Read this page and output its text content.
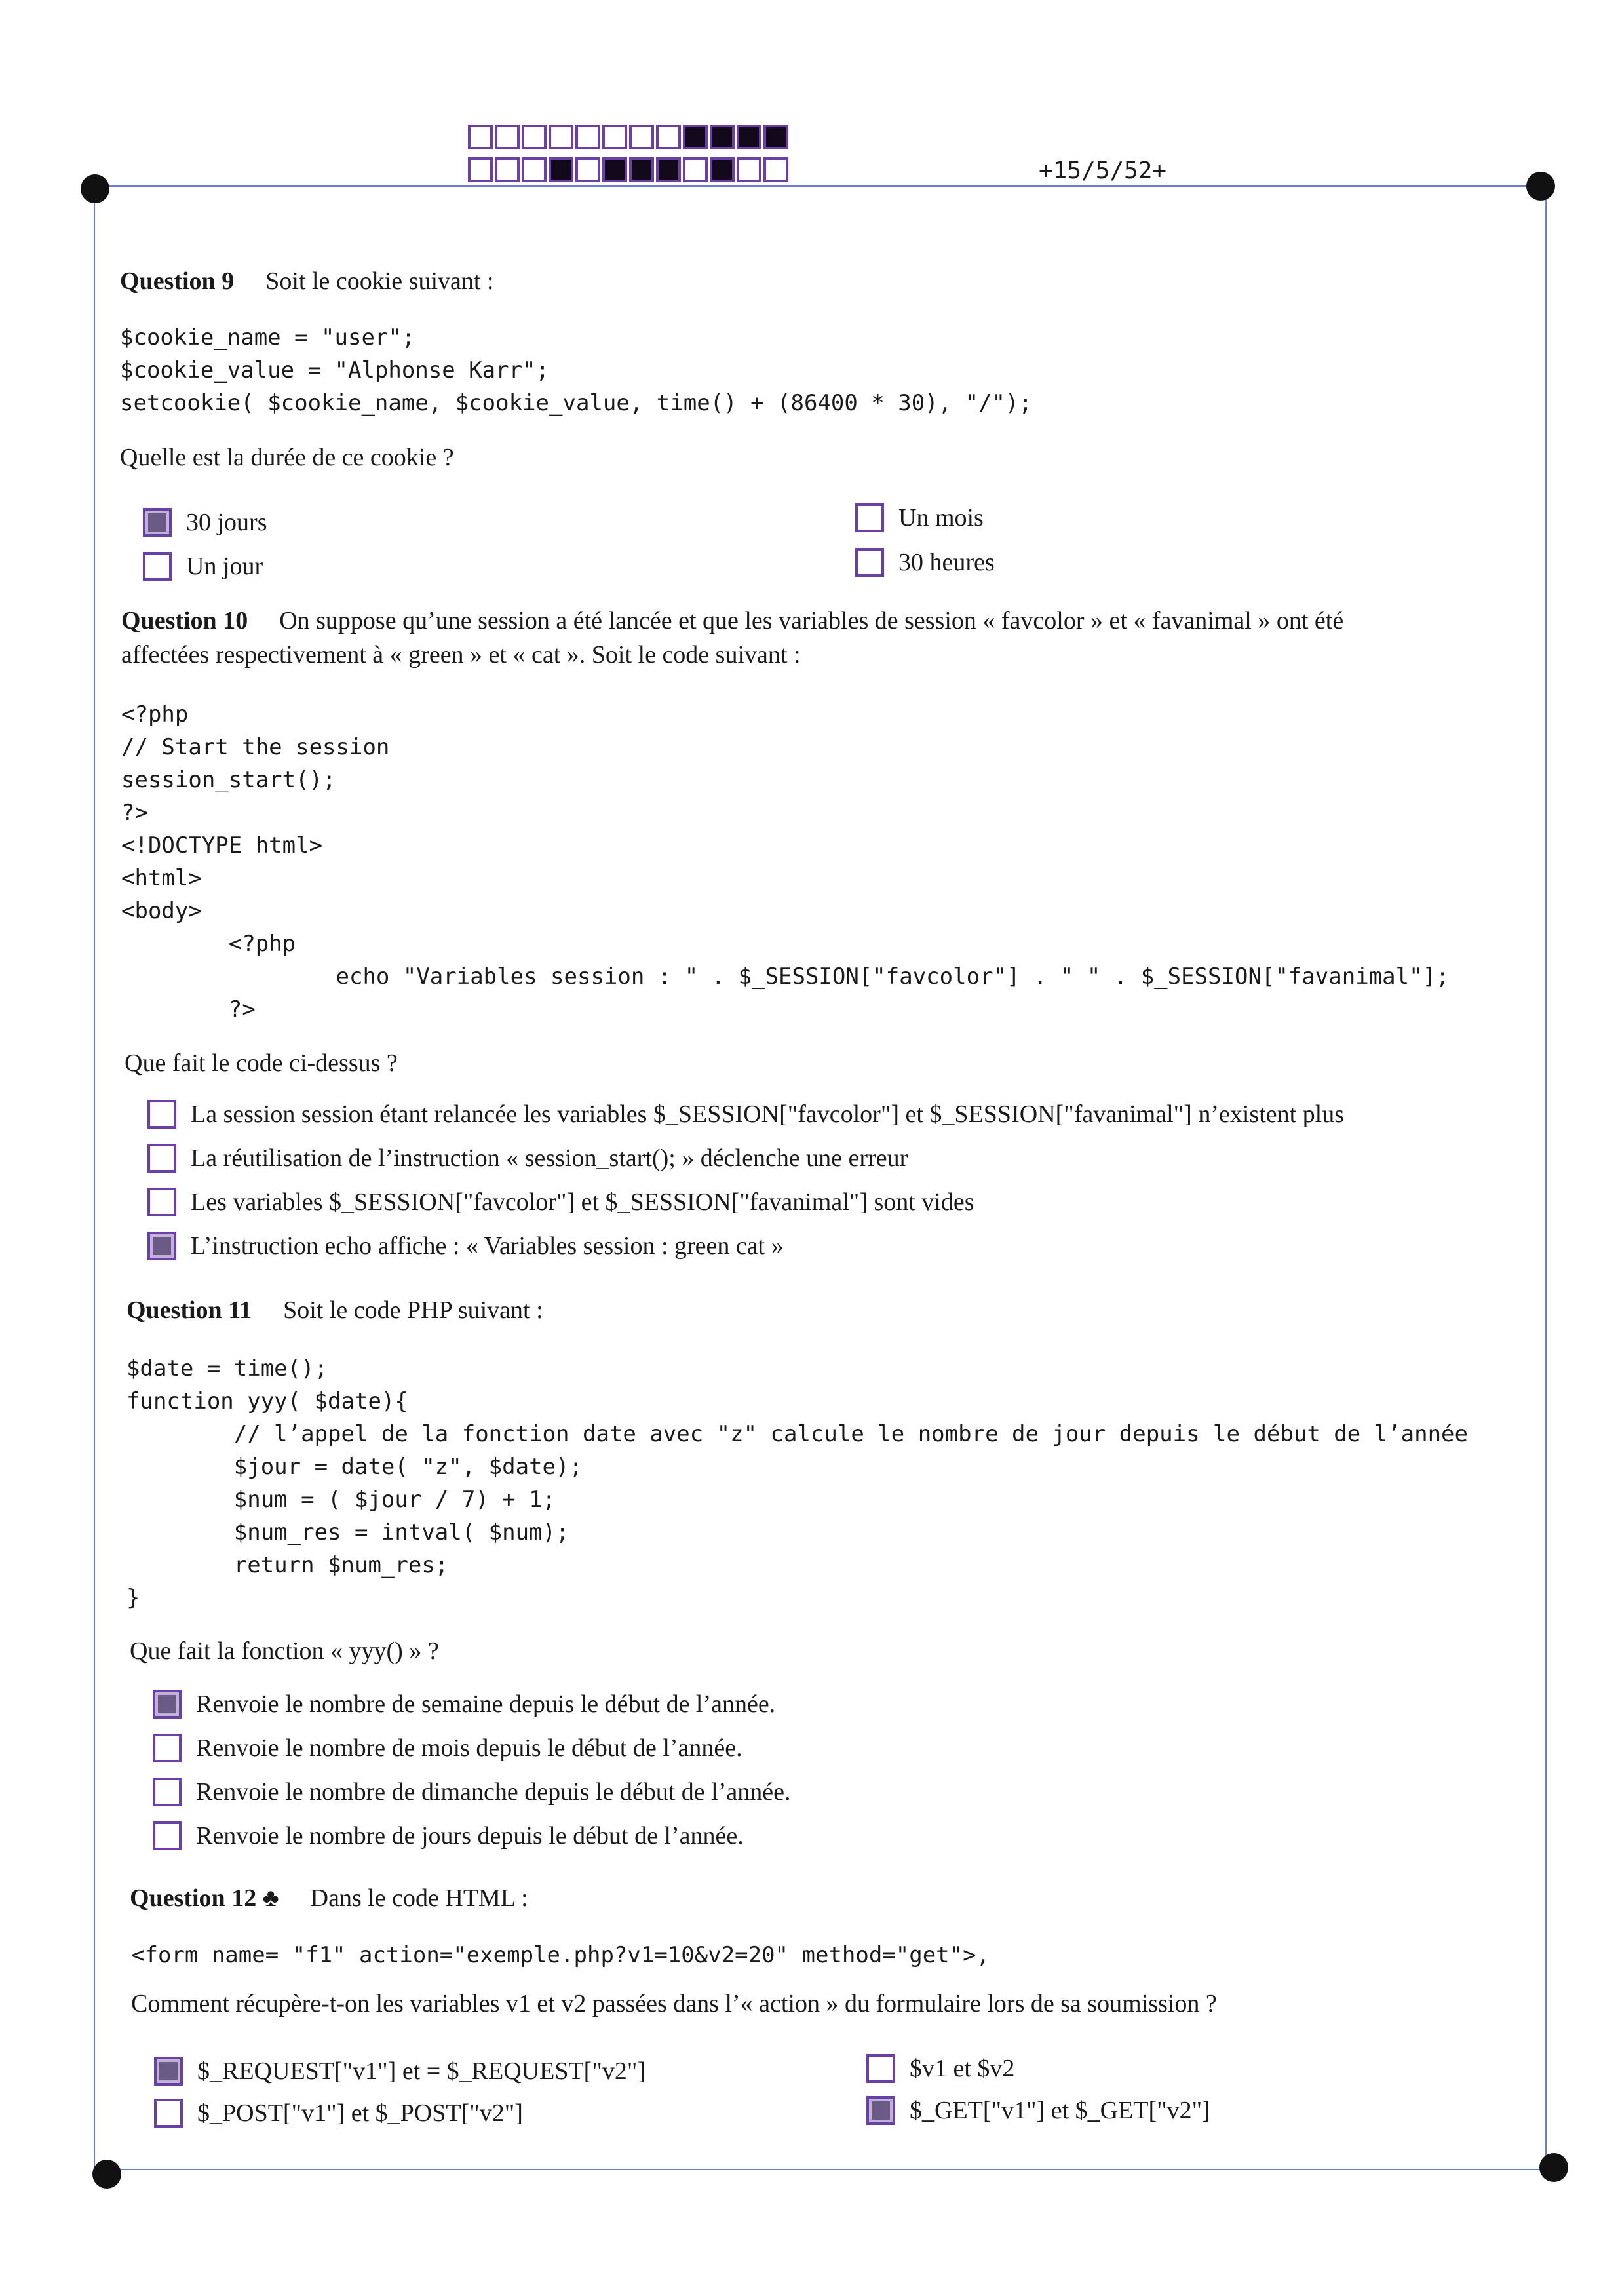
+15/5/52+
Question 9 Soit le cookie suivant :
$cookie_name = "user";
$cookie_value = "Alphonse Karr";
setcookie( $cookie_name, $cookie_value, time() + (86400 * 30), "/");
Quelle est la durée de ce cookie ?
30 jours
Un jour
Un mois
30 heures
Question 10 On suppose qu’une session a été lancée et que les variables de session « favcolor » et « favanimal » ont été
affectées respectivement à « green » et « cat ». Soit le code suivant :
<?php
// Start the session
session_start();
?>
<!DOCTYPE html>
<html>
<body>
<?php
echo "Variables session : " . $_SESSION["favcolor"] . " " . $_SESSION["favanimal"];
?>
Que fait le code ci-dessus ?
La session session étant relancée les variables $_SESSION["favcolor"] et $_SESSION["favanimal"] n’existent plus
La réutilisation de l’instruction « session_start(); » déclenche une erreur
Les variables $_SESSION["favcolor"] et $_SESSION["favanimal"] sont vides
L’instruction echo affiche : « Variables session : green cat »
Question 11 Soit le code PHP suivant :
$date = time();
function yyy( $date){
// l’appel de la fonction date avec "z" calcule le nombre de jour depuis le début de l’année
$jour = date( "z", $date);
$num = ( $jour / 7) + 1;
$num_res = intval( $num);
return $num_res;
}
Que fait la fonction « yyy() » ?
Renvoie le nombre de semaine depuis le début de l’année.
Renvoie le nombre de mois depuis le début de l’année.
Renvoie le nombre de dimanche depuis le début de l’année.
Renvoie le nombre de jours depuis le début de l’année.
Question 12 ♣ Dans le code HTML :
<form name= "f1" action="exemple.php?v1=10&v2=20" method="get">,
Comment récupère-t-on les variables v1 et v2 passées dans l’« action » du formulaire lors de sa soumission ?
$_REQUEST["v1"] et = $_REQUEST["v2"]
$_POST["v1"] et $_POST["v2"]
$v1 et $v2
$_GET["v1"] et $_GET["v2"]
